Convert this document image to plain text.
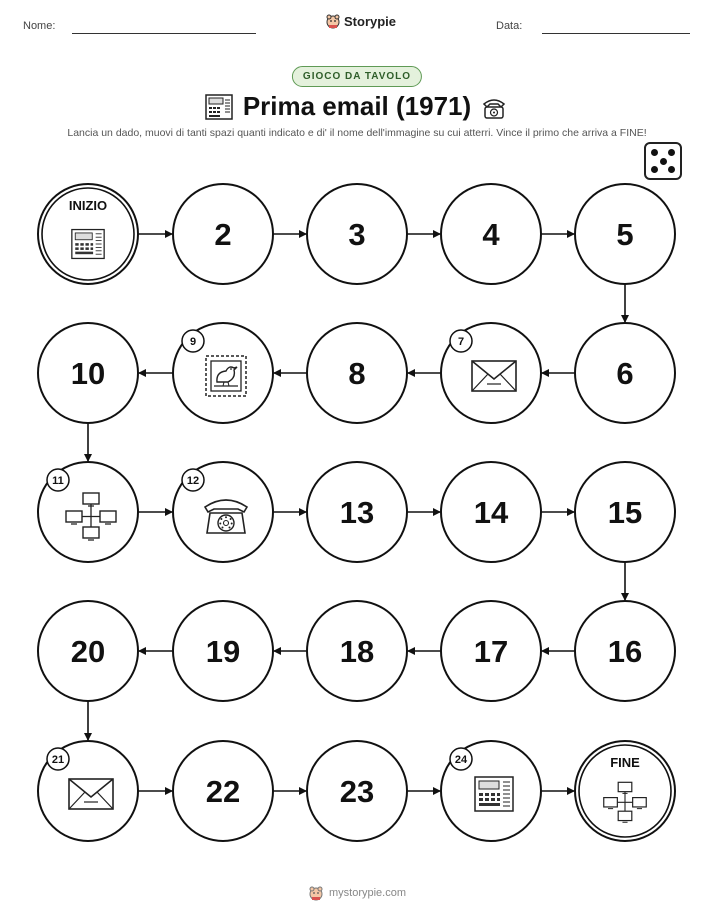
Nome:	Storypie	Data:
GIOCO DA TAVOLO
Prima email (1971)
Lancia un dado, muovi di tanti spazi quanti indicato e di' il nome dell'immagine su cui atterri. Vince il primo che arriva a FINE!
INIZIO
2	3	4	5
6
7
8
9
10
11	12
13	14	15
16
17
18
19
20
21
22	23
24	FINE
mystorypie.com
